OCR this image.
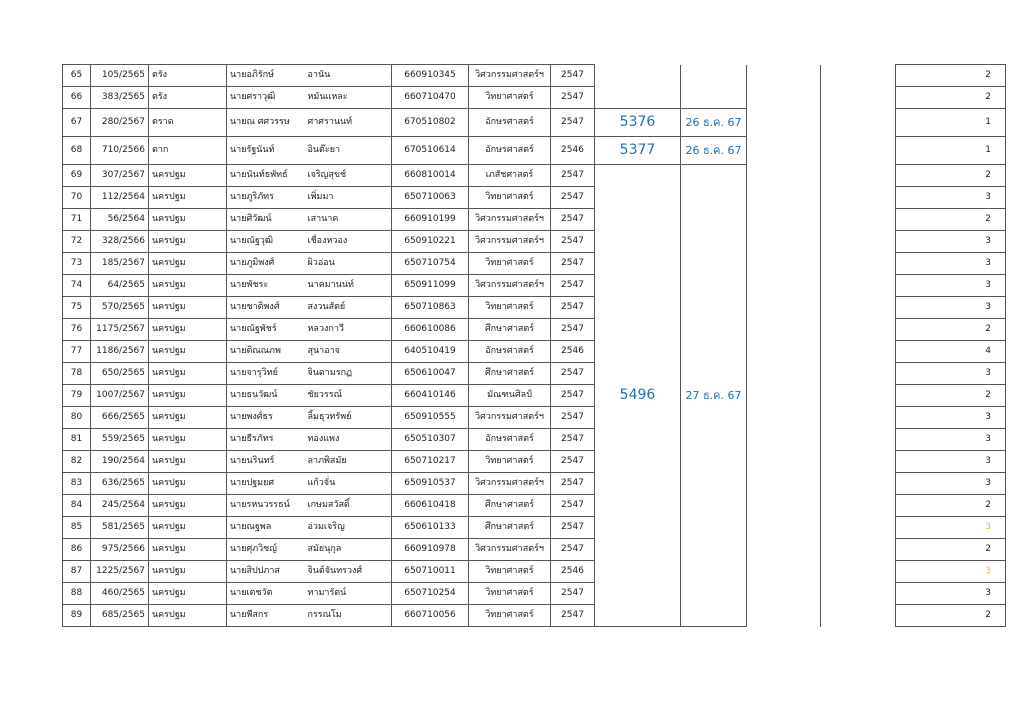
65	105/2565	ตรัง	นายอภิรักษ์	อานัน	660910345	วิศวกรรมศาสตร์ฯ	2547					2
66	383/2565	ตรัง	นายศราวุฒิ	หมันแหละ	660710470	วิทยาศาสตร์	2547					2
67	280/2567	ตราด	นายณ ศศวรรษ	ศาศรานนท์	670510802	อักษรศาสตร์	2547	5376	26 ธ.ค. 67			1
68	710/2566	ตาก	นายรัฐนันท์	อินต๊ะยา	670510614	อักษรศาสตร์	2546	5377	26 ธ.ค. 67			1
69	307/2567	นครปฐม	นายนันท์ธพัทธ์	เจริญสุขช์	660810014	เภสัชศาสตร์	2547	5496	27 ธ.ค. 67			2
70	112/2564	นครปฐม	นายภูริภัทร	เพิ่มมา	650710063	วิทยาศาสตร์	2547					3
71	56/2564	นครปฐม	นายศิวัฒน์	เสานาค	660910199	วิศวกรรมศาสตร์ฯ	2547					2
72	328/2566	นครปฐม	นายณัฐวุฒิ	เชื่องหวอง	650910221	วิศวกรรมศาสตร์ฯ	2547					3
73	185/2567	นครปฐม	นายภูมิพงศ์	ผิวอ่อน	650710754	วิทยาศาสตร์	2547					3
74	64/2565	นครปฐม	นายพัชระ	นาคมานนท์	650911099	วิศวกรรมศาสตร์ฯ	2547					3
75	570/2565	นครปฐม	นายชาติพงศ์	สงวนสัตย์	650710863	วิทยาศาสตร์	2547					3
76	1175/2567	นครปฐม	นายณัฐพัชร์	หลวงกาวี	660610086	ศึกษาศาสตร์	2547					2
77	1186/2567	นครปฐม	นายติณณภพ	สุนาอาจ	640510419	อักษรศาสตร์	2546					4
78	650/2565	นครปฐม	นายจารุวิทย์	จินดามรกฏ	650610047	ศึกษาศาสตร์	2547					3
79	1007/2567	นครปฐม	นายธนวัฒน์	ชัยวรรณ์	660410146	มัณฑนศิลป์	2547					2
80	666/2565	นครปฐม	นายพงศ์ธร	ลิ้มธุวทรัพย์	650910555	วิศวกรรมศาสตร์ฯ	2547					3
81	559/2565	นครปฐม	นายธีรภัทร	ทองแพง	650510307	อักษรศาสตร์	2547					3
82	190/2564	นครปฐม	นายนรินทร์	ลาภพิสมัย	650710217	วิทยาศาสตร์	2547					3
83	636/2565	นครปฐม	นายปฐมยศ	แก้วจั่น	650910537	วิศวกรรมศาสตร์ฯ	2547					3
84	245/2564	นครปฐม	นายรหนวรรธน์	เกษมสวัสดิ์	660610418	ศึกษาศาสตร์	2547					2
85	581/2565	นครปฐม	นายณฐพล	อ่วมเจริญ	650610133	ศึกษาศาสตร์	2547					3
86	975/2566	นครปฐม	นายศุภวิชญ์	สมัยนุกุล	660910978	วิศวกรรมศาสตร์ฯ	2547					2
87	1225/2567	นครปฐม	นายสิปปภาส	จินต์จันทรวงศ์	650710011	วิทยาศาสตร์	2546					3
88	460/2565	นครปฐม	นายเตชวัต	ทามารัตน์	650710254	วิทยาศาสตร์	2547					3
89	685/2565	นครปฐม	นายพีสกร	กรรณโม	660710056	วิทยาศาสตร์	2547					2
